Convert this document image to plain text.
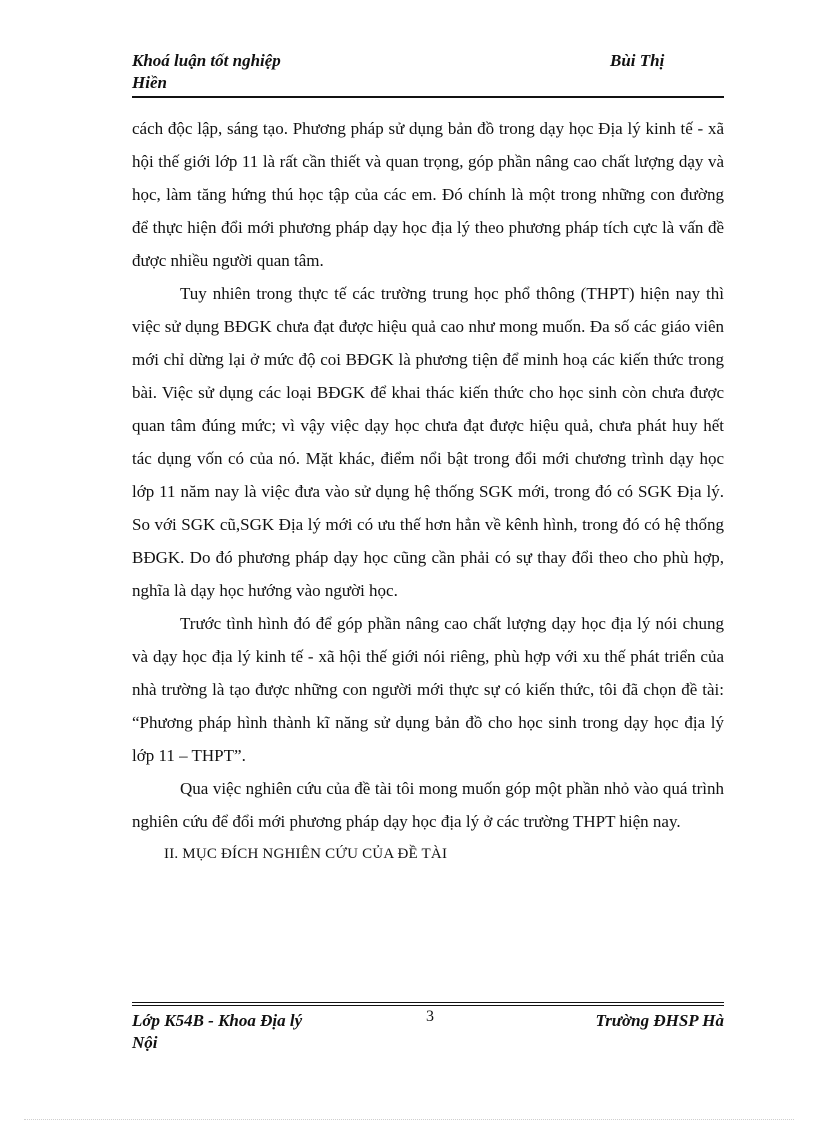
Khoá luận tốt nghiệp	Bùi Thị
Hiền

cách độc lập, sáng tạo. Phương pháp sử dụng bản đồ trong dạy học Địa lý kinh tế - xã hội thế giới lớp 11 là rất cần thiết và quan trọng, góp phần nâng cao chất lượng dạy và học, làm tăng hứng thú học tập của các em. Đó chính là một trong những con đường để thực hiện đổi mới phương pháp dạy học địa lý theo phương pháp tích cực là vấn đề được nhiều người quan tâm.

Tuy nhiên trong thực tế các trường trung học phổ thông (THPT) hiện nay thì việc sử dụng BĐGK chưa đạt được hiệu quả cao như mong muốn. Đa số các giáo viên mới chỉ dừng lại ở mức độ coi BĐGK là phương tiện để minh hoạ các kiến thức trong bài. Việc sử dụng các loại BĐGK để khai thác kiến thức cho học sinh còn chưa được quan tâm đúng mức; vì vậy việc dạy học chưa đạt được hiệu quả, chưa phát huy hết tác dụng vốn có của nó. Mặt khác, điểm nổi bật trong đổi mới chương trình dạy học lớp 11 năm nay là việc đưa vào sử dụng hệ thống SGK mới, trong đó có SGK Địa lý. So với SGK cũ,SGK Địa lý mới có ưu thế hơn hẳn về kênh hình, trong đó có hệ thống BĐGK. Do đó phương pháp dạy học cũng cần phải có sự thay đổi theo cho phù hợp, nghĩa là dạy học hướng vào người học.

Trước tình hình đó để góp phần nâng cao chất lượng dạy học địa lý nói chung và dạy học địa lý kinh tế - xã hội thế giới nói riêng, phù hợp với xu thế phát triển của nhà trường là tạo được những con người mới thực sự có kiến thức, tôi đã chọn đề tài: “Phương pháp hình thành kĩ năng sử dụng bản đồ cho học sinh trong dạy học địa lý lớp 11 – THPT”.

Qua việc nghiên cứu của đề tài tôi mong muốn góp một phần nhỏ vào quá trình nghiên cứu để đổi mới phương pháp dạy học địa lý ở các trường THPT hiện nay.

II. MỤC ĐÍCH NGHIÊN CỨU CỦA ĐỀ TÀI

Lớp K54B - Khoa Địa lý	3	Trường ĐHSP Hà
Nội
